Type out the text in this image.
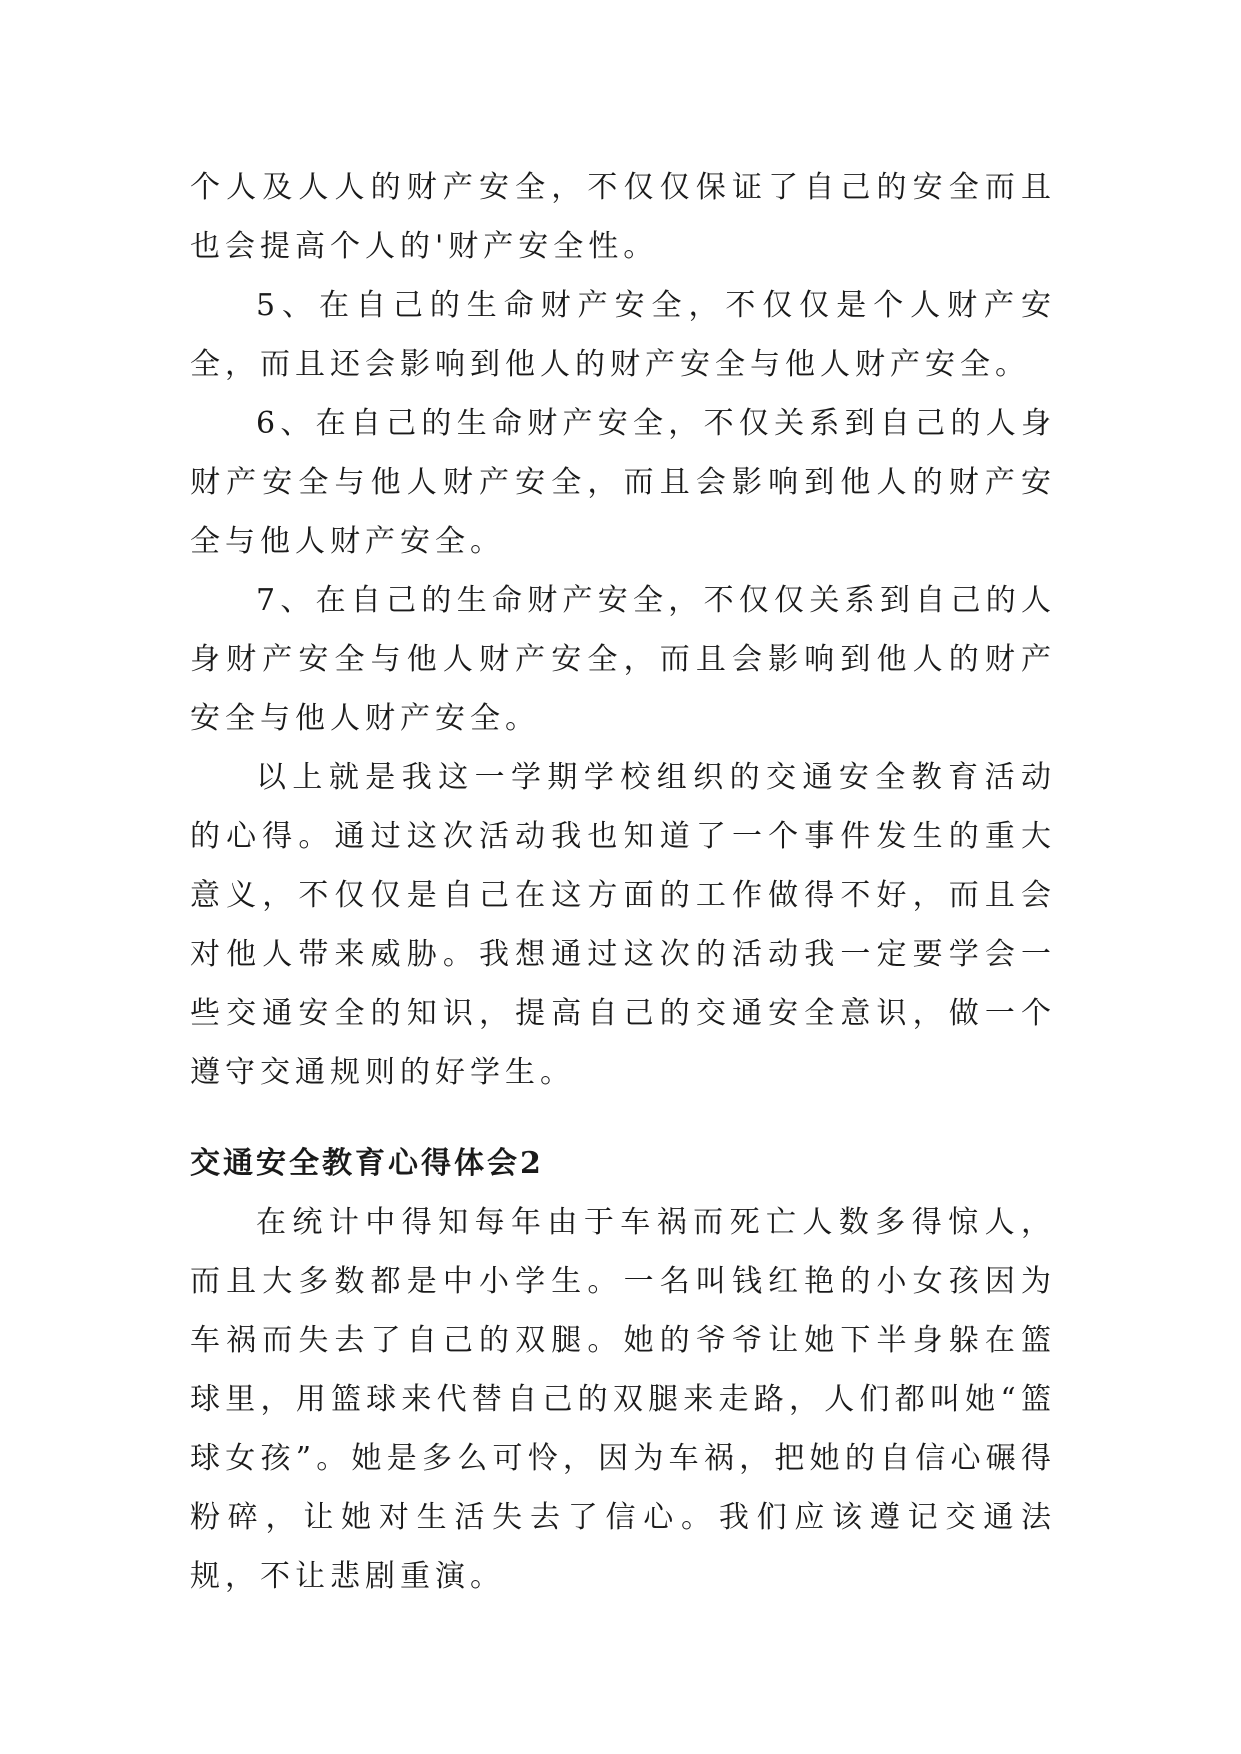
个人及人人的财产安全，不仅仅保证了自己的安全而且也会提高个人的'财产安全性。

5、在自己的生命财产安全，不仅仅是个人财产安全，而且还会影响到他人的财产安全与他人财产安全。

6、在自己的生命财产安全，不仅关系到自己的人身财产安全与他人财产安全，而且会影响到他人的财产安全与他人财产安全。

7、在自己的生命财产安全，不仅仅关系到自己的人身财产安全与他人财产安全，而且会影响到他人的财产安全与他人财产安全。

以上就是我这一学期学校组织的交通安全教育活动的心得。通过这次活动我也知道了一个事件发生的重大意义，不仅仅是自己在这方面的工作做得不好，而且会对他人带来威胁。我想通过这次的活动我一定要学会一些交通安全的知识，提高自己的交通安全意识，做一个遵守交通规则的好学生。

交通安全教育心得体会2

在统计中得知每年由于车祸而死亡人数多得惊人，而且大多数都是中小学生。一名叫钱红艳的小女孩因为车祸而失去了自己的双腿。她的爷爷让她下半身躲在篮球里，用篮球来代替自己的双腿来走路，人们都叫她“篮球女孩”。她是多么可怜，因为车祸，把她的自信心碾得粉碎，让她对生活失去了信心。我们应该遵记交通法规，不让悲剧重演。
